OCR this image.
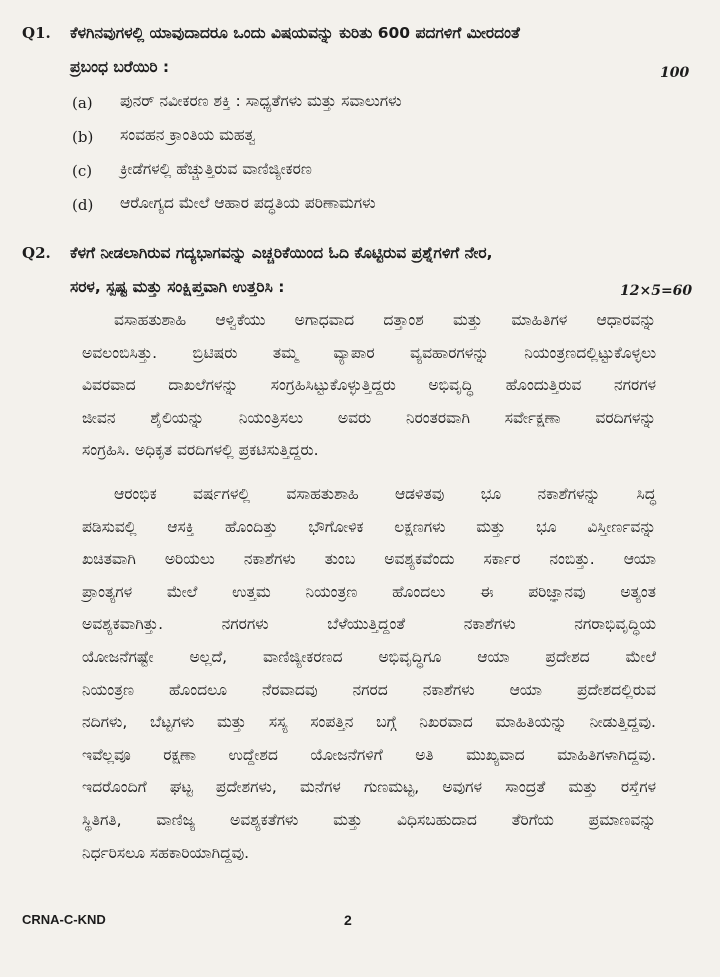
Q1. ಕೆಳಗಿನವುಗಳಲ್ಲಿ ಯಾವುದಾದರೂ ಒಂದು ವಿಷಯವನ್ನು ಕುರಿತು 600 ಪದಗಳಿಗೆ ಮೀರದಂತೆ
ಪ್ರಬಂಧ ಬರೆಯಿರಿ :	100
(a) ಪುನರ್ ನವೀಕರಣ ಶಕ್ತಿ : ಸಾಧ್ಯತೆಗಳು ಮತ್ತು ಸವಾಲುಗಳು
(b) ಸಂವಹನ ಕ್ರಾಂತಿಯ ಮಹತ್ವ
(c) ಕ್ರೀಡೆಗಳಲ್ಲಿ ಹೆಚ್ಚುತ್ತಿರುವ ವಾಣಿಜ್ಯೀಕರಣ
(d) ಆರೋಗ್ಯದ ಮೇಲೆ ಆಹಾರ ಪದ್ಧತಿಯ ಪರಿಣಾಮಗಳು
Q2. ಕೆಳಗೆ ನೀಡಲಾಗಿರುವ ಗದ್ಯಭಾಗವನ್ನು ಎಚ್ಚರಿಕೆಯಿಂದ ಓದಿ ಕೊಟ್ಟಿರುವ ಪ್ರಶ್ನೆಗಳಿಗೆ ನೇರ,
ಸರಳ, ಸ್ಪಷ್ಟ ಮತ್ತು ಸಂಕ್ಷಿಪ್ತವಾಗಿ ಉತ್ತರಿಸಿ :	12×5=60
ವಸಾಹತುಶಾಹಿ ಆಳ್ವಿಕೆಯು ಅಗಾಧವಾದ ದತ್ತಾಂಶ ಮತ್ತು ಮಾಹಿತಿಗಳ ಆಧಾರವನ್ನು
ಅವಲಂಬಿಸಿತ್ತು. ಬ್ರಿಟಿಷರು ತಮ್ಮ ವ್ಯಾಪಾರ ವ್ಯವಹಾರಗಳನ್ನು ನಿಯಂತ್ರಣದಲ್ಲಿಟ್ಟುಕೊಳ್ಳಲು
ವಿವರವಾದ ದಾಖಲೆಗಳನ್ನು ಸಂಗ್ರಹಿಸಿಟ್ಟುಕೊಳ್ಳುತ್ತಿದ್ದರು ಅಭಿವೃದ್ಧಿ ಹೊಂದುತ್ತಿರುವ ನಗರಗಳ
ಜೀವನ ಶೈಲಿಯನ್ನು ನಿಯಂತ್ರಿಸಲು ಅವರು ನಿರಂತರವಾಗಿ ಸರ್ವೇಕ್ಷಣಾ ವರದಿಗಳನ್ನು
ಸಂಗ್ರಹಿಸಿ. ಅಧಿಕೃತ ವರದಿಗಳಲ್ಲಿ ಪ್ರಕಟಿಸುತ್ತಿದ್ದರು.
ಆರಂಭಿಕ ವರ್ಷಗಳಲ್ಲಿ ವಸಾಹತುಶಾಹಿ ಆಡಳಿತವು ಭೂ ನಕಾಶೆಗಳನ್ನು ಸಿದ್ಧ
ಪಡಿಸುವಲ್ಲಿ ಆಸಕ್ತಿ ಹೊಂದಿತ್ತು ಭೌಗೋಳಿಕ ಲಕ್ಷಣಗಳು ಮತ್ತು ಭೂ ವಿಸ್ತೀರ್ಣವನ್ನು
ಖಚಿತವಾಗಿ ಅರಿಯಲು ನಕಾಶೆಗಳು ತುಂಬ ಅವಶ್ಯಕವೆಂದು ಸರ್ಕಾರ ನಂಬಿತ್ತು. ಆಯಾ
ಪ್ರಾಂತ್ಯಗಳ ಮೇಲೆ ಉತ್ತಮ ನಿಯಂತ್ರಣ ಹೊಂದಲು ಈ ಪರಿಜ್ಞಾನವು ಅತ್ಯಂತ
ಅವಶ್ಯಕವಾಗಿತ್ತು. ನಗರಗಳು ಬೆಳೆಯುತ್ತಿದ್ದಂತೆ ನಕಾಶೆಗಳು ನಗರಾಭಿವೃದ್ಧಿಯ
ಯೋಜನೆಗಷ್ಟೇ ಅಲ್ಲದೆ, ವಾಣಿಜ್ಯೀಕರಣದ ಅಭಿವೃದ್ಧಿಗೂ ಆಯಾ ಪ್ರದೇಶದ ಮೇಲೆ
ನಿಯಂತ್ರಣ ಹೊಂದಲೂ ನೆರವಾದವು ನಗರದ ನಕಾಶೆಗಳು ಆಯಾ ಪ್ರದೇಶದಲ್ಲಿರುವ
ನದಿಗಳು, ಬೆಟ್ಟಗಳು ಮತ್ತು ಸಸ್ಯ ಸಂಪತ್ತಿನ ಬಗ್ಗೆ ನಿಖರವಾದ ಮಾಹಿತಿಯನ್ನು ನೀಡುತ್ತಿದ್ದವು.
ಇವೆಲ್ಲವೂ ರಕ್ಷಣಾ ಉದ್ದೇಶದ ಯೋಜನೆಗಳಿಗೆ ಅತಿ ಮುಖ್ಯವಾದ ಮಾಹಿತಿಗಳಾಗಿದ್ದವು.
ಇದರೊಂದಿಗೆ ಘಟ್ಟ ಪ್ರದೇಶಗಳು, ಮನೆಗಳ ಗುಣಮಟ್ಟ, ಅವುಗಳ ಸಾಂದ್ರತೆ ಮತ್ತು ರಸ್ತೆಗಳ
ಸ್ಥಿತಿಗತಿ, ವಾಣಿಜ್ಯ ಅವಶ್ಯಕತೆಗಳು ಮತ್ತು ವಿಧಿಸಬಹುದಾದ ತೆರಿಗೆಯ ಪ್ರಮಾಣವನ್ನು
ನಿರ್ಧರಿಸಲೂ ಸಹಕಾರಿಯಾಗಿದ್ದವು.
CRNA-C-KND	2
